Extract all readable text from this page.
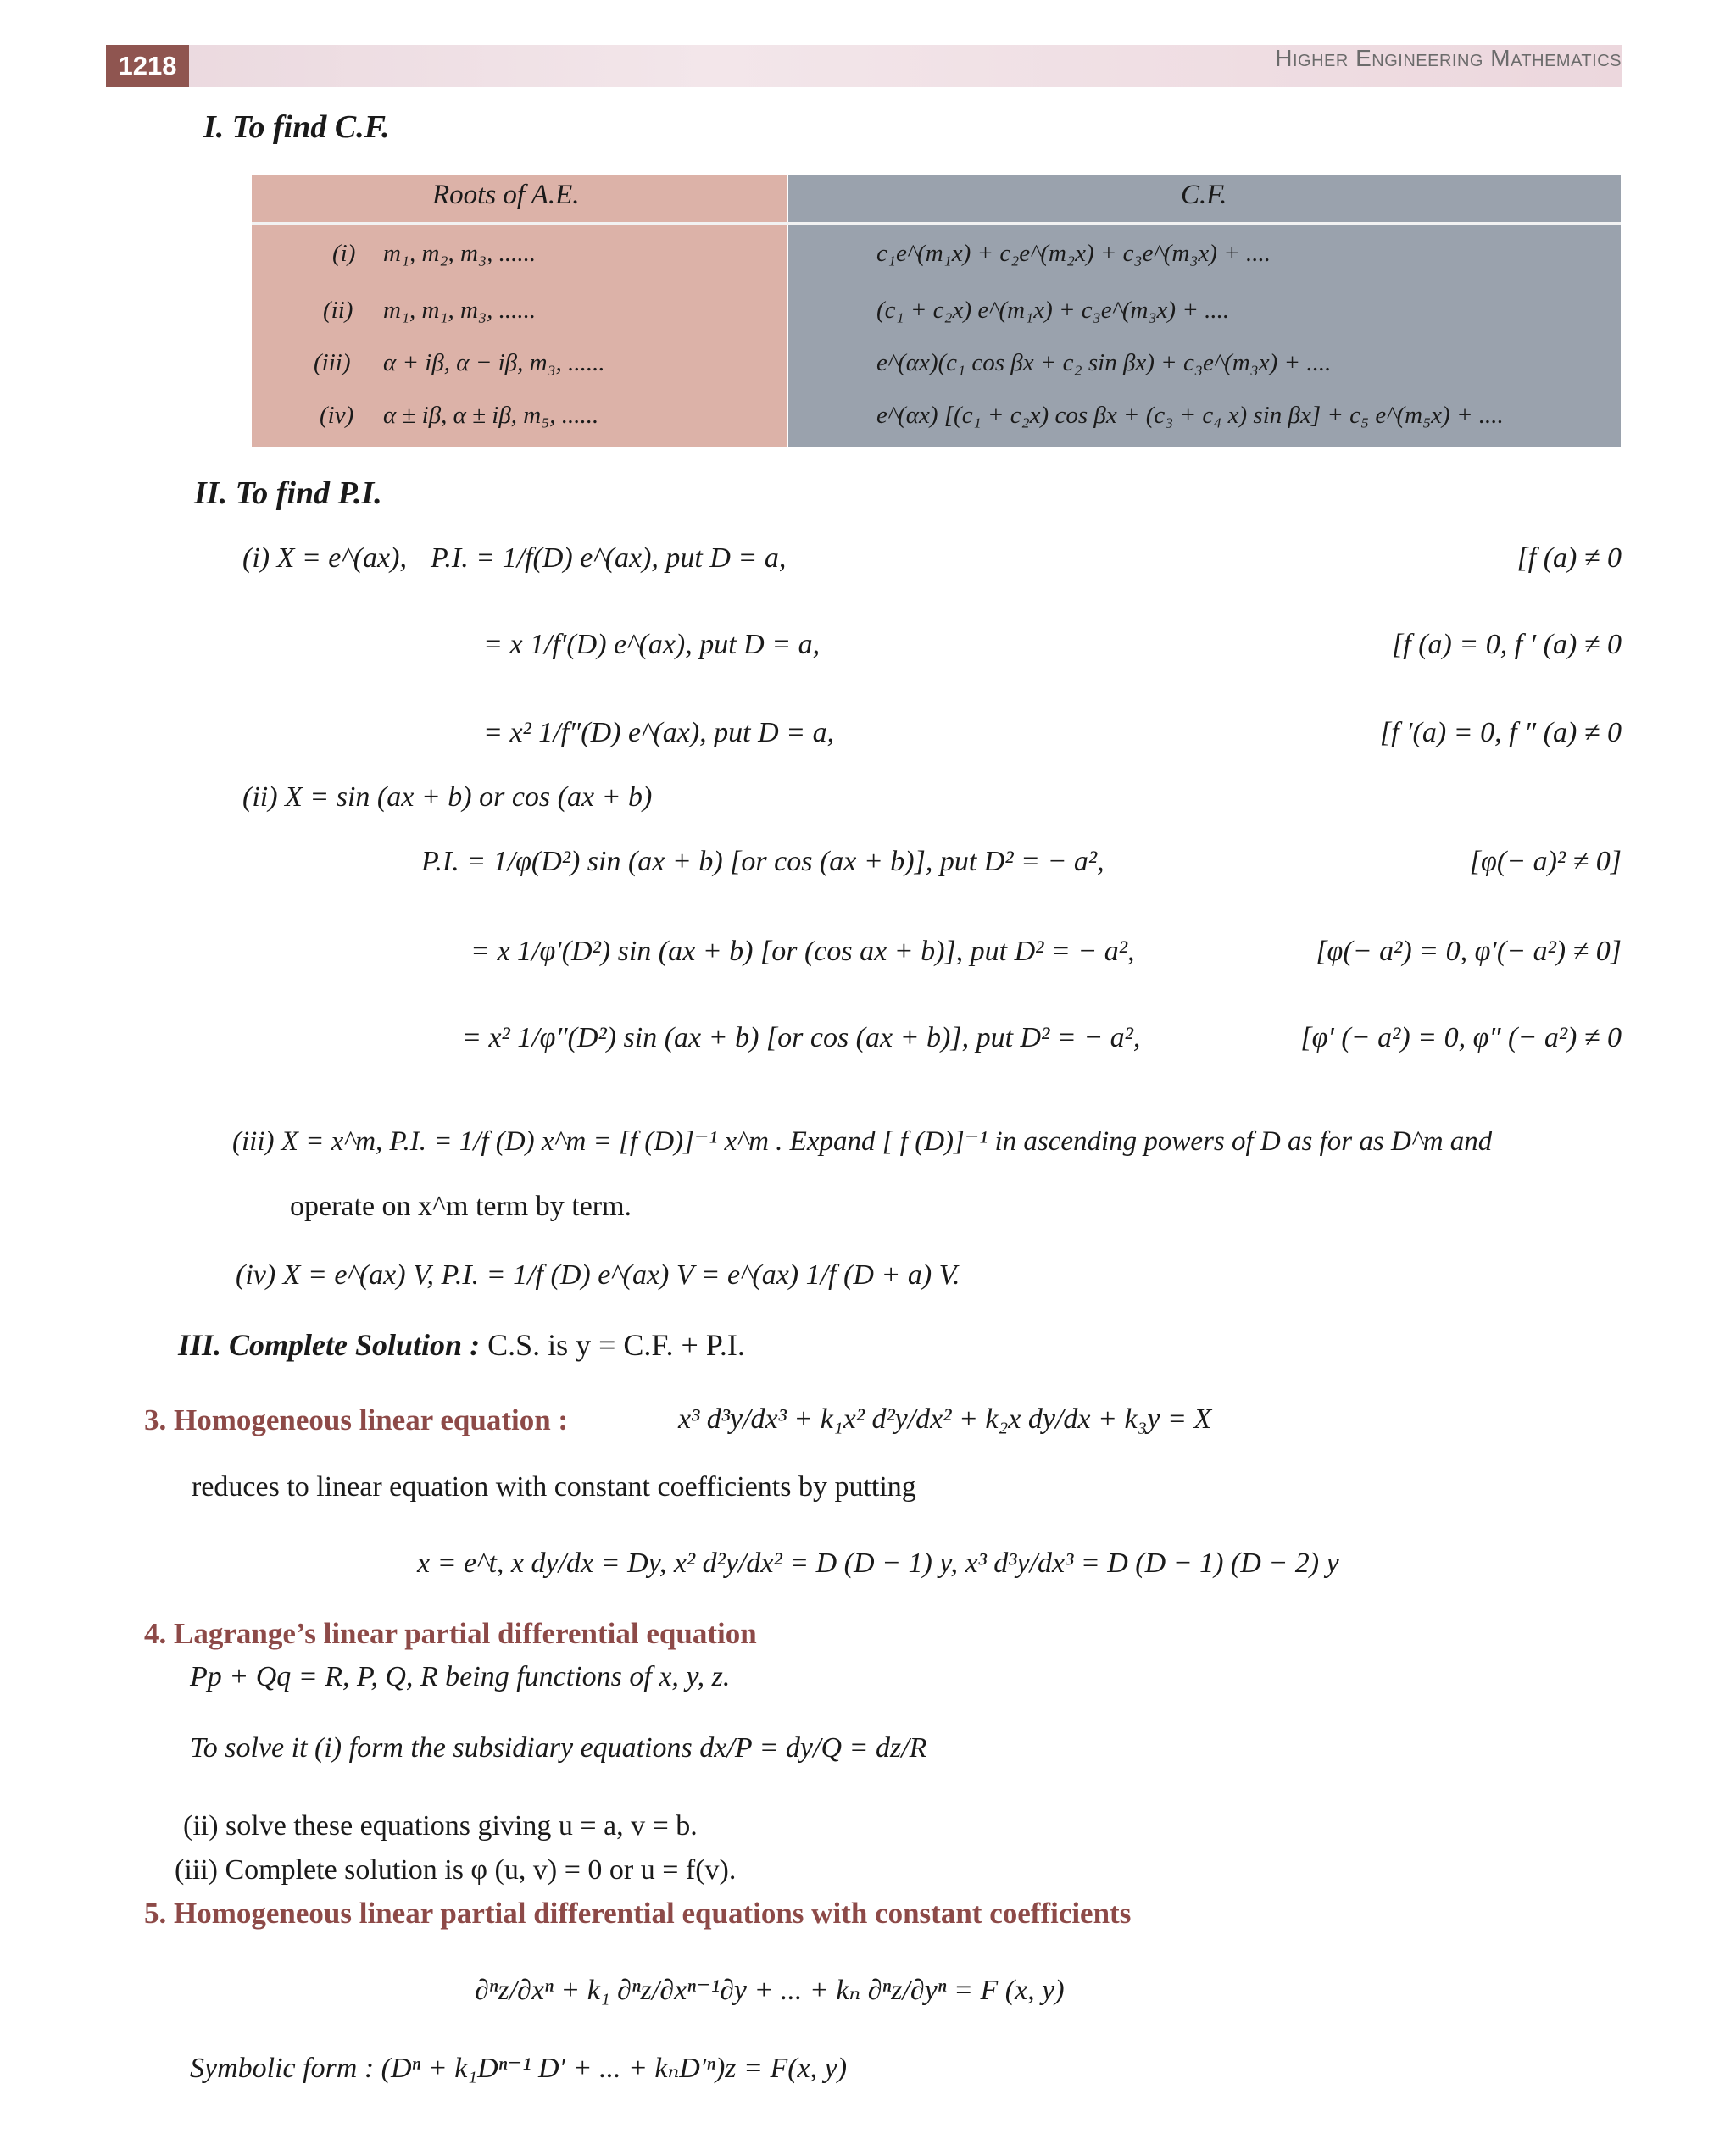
1218	Higher Engineering Mathematics
I. To find C.F.
Roots of A.E.	C.F.
(i) m₁, m₂, m₃, ......	c₁e^(m₁x) + c₂e^(m₂x) + c₃e^(m₃x) + ....
(ii) m₁, m₁, m₃, ......	(c₁ + c₂x) e^(m₁x) + c₃e^(m₃x) + ....
(iii) α + iβ, α − iβ, m₃, ......	e^(αx)(c₁ cos βx + c₂ sin βx) + c₃e^(m₃x) + ....
(iv) α ± iβ, α ± iβ, m₅, ......	e^(αx) [(c₁ + c₂x) cos βx + (c₃ + c₄ x) sin βx] + c₅ e^(m₅x) + ....
II. To find P.I.
(i) X = e^(ax), P.I. = 1/f(D) e^(ax), put D = a,	[f (a) ≠ 0
= x 1/f′(D) e^(ax), put D = a,	[f (a) = 0, f ′ (a) ≠ 0
= x² 1/f″(D) e^(ax), put D = a,	[f ′(a) = 0, f ″ (a) ≠ 0
(ii) X = sin (ax + b) or cos (ax + b)
P.I. = 1/φ(D²) sin (ax + b) [or cos (ax + b)], put D² = − a²,	[φ(− a)² ≠ 0]
= x 1/φ′(D²) sin (ax + b) [or (cos ax + b)], put D² = − a²,	[φ(− a²) = 0, φ′(− a²) ≠ 0]
= x² 1/φ″(D²) sin (ax + b) [or cos (ax + b)], put D² = − a²,	[φ′ (− a²) = 0, φ″ (− a²) ≠ 0
(iii) X = x^m, P.I. = 1/f (D) x^m = [f (D)]⁻¹ x^m . Expand [ f (D)]⁻¹ in ascending powers of D as for as D^m and
operate on x^m term by term.
(iv) X = e^(ax) V, P.I. = 1/f (D) e^(ax) V = e^(ax) 1/f (D + a) V.
III. Complete Solution : C.S. is y = C.F. + P.I.
3. Homogeneous linear equation :	x³ d³y/dx³ + k₁x² d²y/dx² + k₂x dy/dx + k₃y = X
reduces to linear equation with constant coefficients by putting
x = e^t, x dy/dx = Dy, x² d²y/dx² = D (D − 1) y, x³ d³y/dx³ = D (D − 1) (D − 2) y
4. Lagrange’s linear partial differential equation
Pp + Qq = R, P, Q, R being functions of x, y, z.
To solve it (i) form the subsidiary equations dx/P = dy/Q = dz/R
(ii) solve these equations giving u = a, v = b.
(iii) Complete solution is φ (u, v) = 0 or u = f(v).
5. Homogeneous linear partial differential equations with constant coefficients
∂ⁿz/∂xⁿ + k₁ ∂ⁿz/∂xⁿ⁻¹∂y + ... + kₙ ∂ⁿz/∂yⁿ = F (x, y)
Symbolic form : (Dⁿ + k₁Dⁿ⁻¹ D′ + ... + kₙD′ⁿ)z = F(x, y)
